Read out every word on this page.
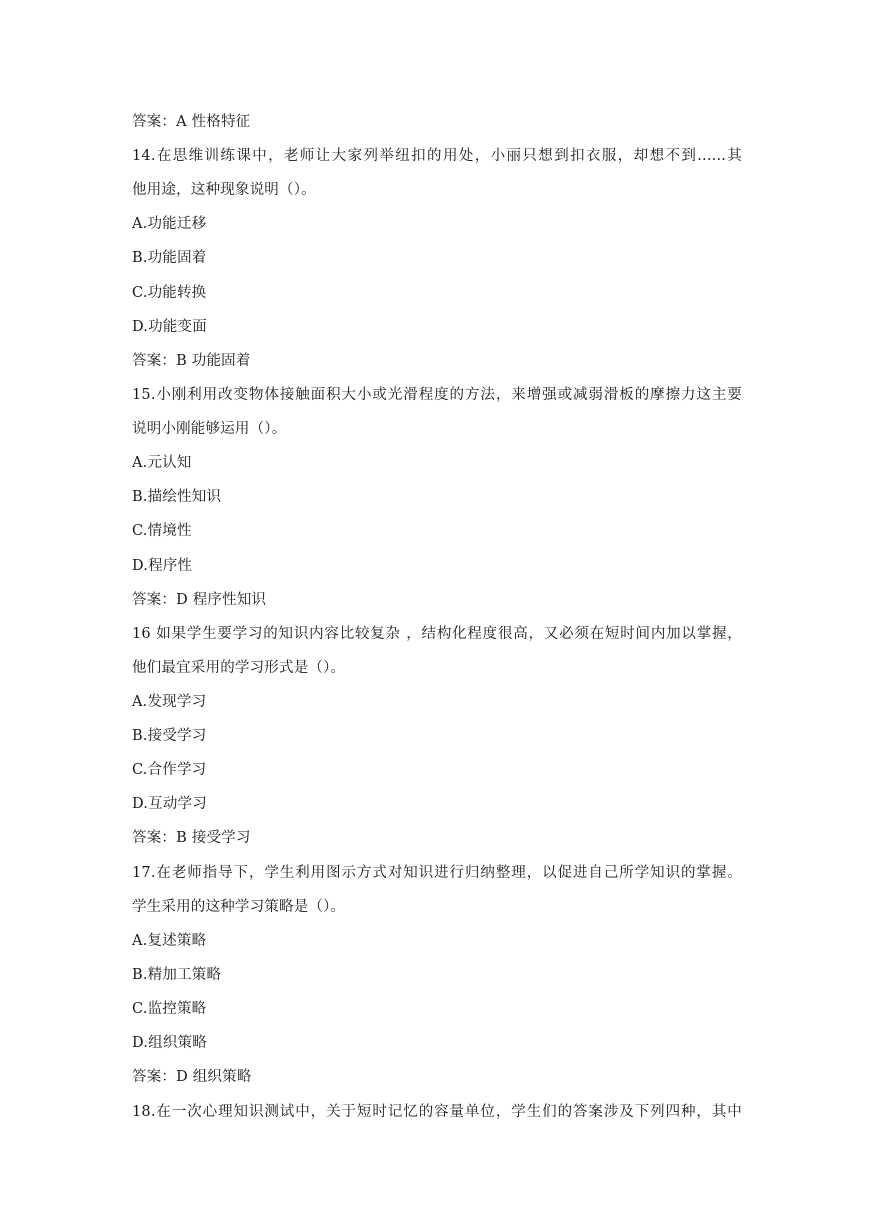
答案：A 性格特征
14.在思维训练课中，老师让大家列举纽扣的用处，小丽只想到扣衣服，却想不到......其
他用途，这种现象说明（）。
A.功能迁移
B.功能固着
C.功能转换
D.功能变面
答案：B 功能固着
15.小刚利用改变物体接触面积大小或光滑程度的方法，来增强或减弱滑板的摩擦力这主要
说明小刚能够运用（）。
A.元认知
B.描绘性知识
C.情境性
D.程序性
答案：D 程序性知识
16 如果学生要学习的知识内容比较复杂 ，结构化程度很高，又必须在短时间内加以掌握，
他们最宜采用的学习形式是（）。
A.发现学习
B.接受学习
C.合作学习
D.互动学习
答案：B 接受学习
17.在老师指导下，学生利用图示方式对知识进行归纳整理，以促进自己所学知识的掌握。
学生采用的这种学习策略是（）。
A.复述策略
B.精加工策略
C.监控策略
D.组织策略
答案：D 组织策略
18.在一次心理知识测试中，关于短时记忆的容量单位，学生们的答案涉及下列四种，其中
